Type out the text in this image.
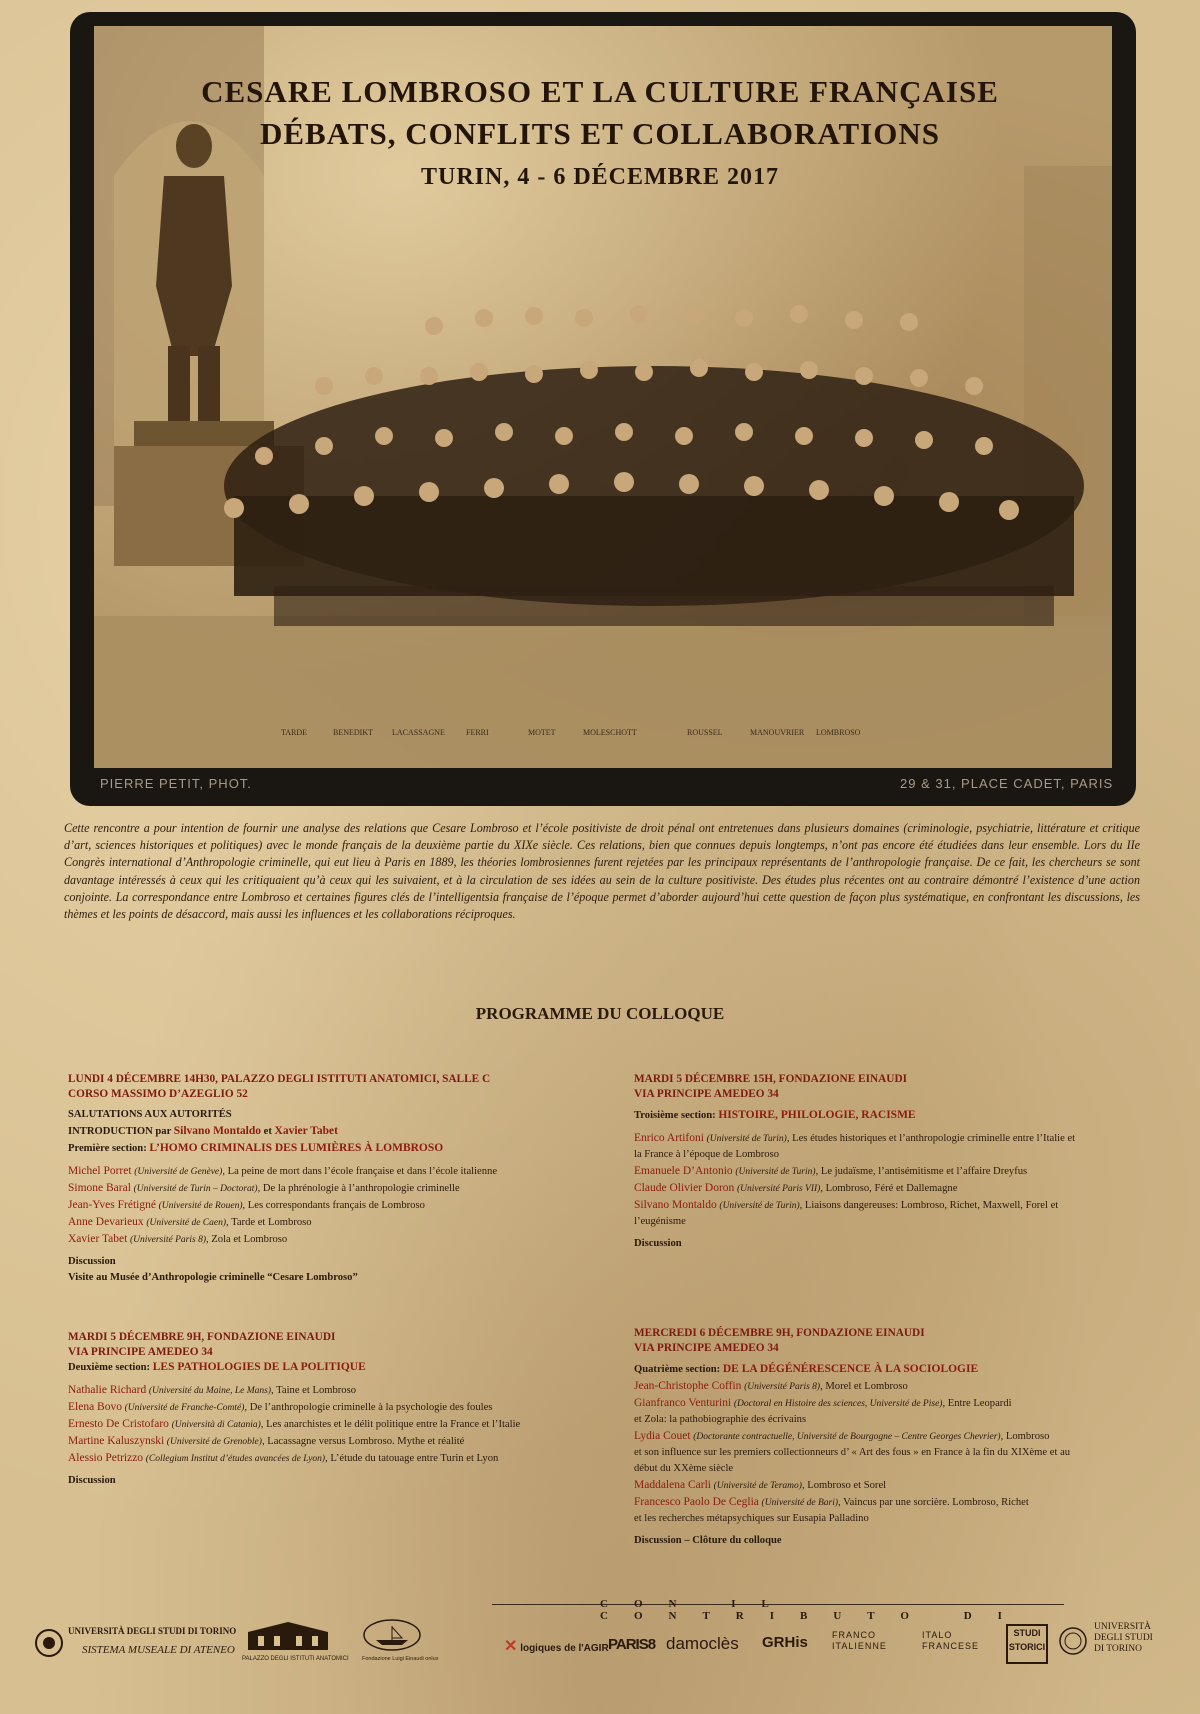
CESARE LOMBROSO ET LA CULTURE FRANÇAISE
DÉBATS, CONFLITS ET COLLABORATIONS
TURIN, 4 - 6 DÉCEMBRE 2017
TARDE	BENEDIKT LACASSAGNE	FERRI	MOTET	MOLESCHOTT	ROUSSEL	MANOUVRIER LOMBROSO
PIERRE PETIT, PHOT.	29 & 31, PLACE CADET, PARIS

Cette rencontre a pour intention de fournir une analyse des relations que Cesare Lombroso et l’école positiviste de droit pénal ont entretenues dans plusieurs domaines (criminologie, psychiatrie, littérature et critique d’art, sciences historiques et politiques) avec le monde français de la deuxième partie du XIXe siècle. Ces relations, bien que connues depuis longtemps, n’ont pas encore été étudiées dans leur ensemble. Lors du IIe Congrès international d’Anthropologie criminelle, qui eut lieu à Paris en 1889, les théories lombrosiennes furent rejetées par les principaux représentants de l’anthropologie française. De ce fait, les chercheurs se sont davantage intéressés à ceux qui les critiquaient qu’à ceux qui les suivaient, et à la circulation de ses idées au sein de la culture positiviste. Des études plus récentes ont au contraire démontré l’existence d’une action conjointe. La correspondance entre Lombroso et certaines figures clés de l’intelligentsia française de l’époque permet d’aborder aujourd’hui cette question de façon plus systématique, en confrontant les discussions, les thèmes et les points de désaccord, mais aussi les influences et les collaborations réciproques.

PROGRAMME DU COLLOQUE
LUNDI 4 DÉCEMBRE 14H30, PALAZZO DEGLI ISTITUTI ANATOMICI, SALLE C
CORSO MASSIMO D’AZEGLIO 52

SALUTATIONS AUX AUTORITÉS

INTRODUCTION par Silvano Montaldo et Xavier Tabet

Première section: L’HOMO CRIMINALIS DES LUMIÈRES À LOMBROSO

Michel Porret (Université de Genève), La peine de mort dans l’école française et dans l’école italienne

Simone Baral (Université de Turin – Doctorat), De la phrénologie à l’anthropologie criminelle

Jean-Yves Frétigné (Université de Rouen), Les correspondants français de Lombroso

Anne Devarieux (Université de Caen), Tarde et Lombroso

Xavier Tabet (Université Paris 8), Zola et Lombroso

Discussion

Visite au Musée d’Anthropologie criminelle “Cesare Lombroso”

MARDI 5 DÉCEMBRE 9H, FONDAZIONE EINAUDI
VIA PRINCIPE AMEDEO 34

Deuxième section: LES PATHOLOGIES DE LA POLITIQUE

Nathalie Richard (Université du Maine, Le Mans), Taine et Lombroso

Elena Bovo (Université de Franche-Comté), De l’anthropologie criminelle à la psychologie des foules

Ernesto De Cristofaro (Università di Catania), Les anarchistes et le délit politique entre la France et l’Italie

Martine Kaluszynski (Université de Grenoble), Lacassagne versus Lombroso. Mythe et réalité

Alessio Petrizzo (Collegium Institut d’études avancées de Lyon), L’étude du tatouage entre Turin et Lyon

Discussion

MARDI 5 DÉCEMBRE 15H, FONDAZIONE EINAUDI
VIA PRINCIPE AMEDEO 34

Troisième section: HISTOIRE, PHILOLOGIE, RACISME

Enrico Artifoni (Université de Turin), Les études historiques et l’anthropologie criminelle entre l’Italie et

la France à l’époque de Lombroso

Emanuele D’Antonio (Université de Turin), Le judaïsme, l’antisémitisme et l’affaire Dreyfus

Claude Olivier Doron (Université Paris VII), Lombroso, Féré et Dallemagne

Silvano Montaldo (Université de Turin), Liaisons dangereuses: Lombroso, Richet, Maxwell, Forel et

l’eugénisme

Discussion

MERCREDI 6 DÉCEMBRE 9H, FONDAZIONE EINAUDI
VIA PRINCIPE AMEDEO 34

Quatrième section: DE LA DÉGÉNÉRESCENCE À LA SOCIOLOGIE

Jean-Christophe Coffin (Université Paris 8), Morel et Lombroso

Gianfranco Venturini (Doctoral en Histoire des sciences, Université de Pise), Entre Leopardi

et Zola: la pathobiographie des écrivains

Lydia Couet (Doctorante contractuelle, Université de Bourgogne – Centre Georges Chevrier), Lombroso

et son influence sur les premiers collectionneurs d’ « Art des fous » en France à la fin du XIXème et au

début du XXème siècle

Maddalena Carli (Université de Teramo), Lombroso et Sorel

Francesco Paolo De Ceglia (Université de Bari), Vaincus par une sorcière. Lombroso, Richet

et les recherches métapsychiques sur Eusapia Palladino

Discussion – Clôture du colloque

CON IL CONTRIBUTO DI
UNIVERSITÀ DEGLI STUDI DI TORINO
SISTEMA MUSEALE DI ATENEO
PALAZZO DEGLI ISTITUTI ANATOMICI Fondazione Luigi Einaudi onlus
✕ logiques de l'AGIR PARIS8 damoclès GRHis	FRANCO
ITALIENNE
ITALO
FRANCESE
STUDI STORICI
UNIVERSITÀ
DEGLI STUDI
DI TORINO
